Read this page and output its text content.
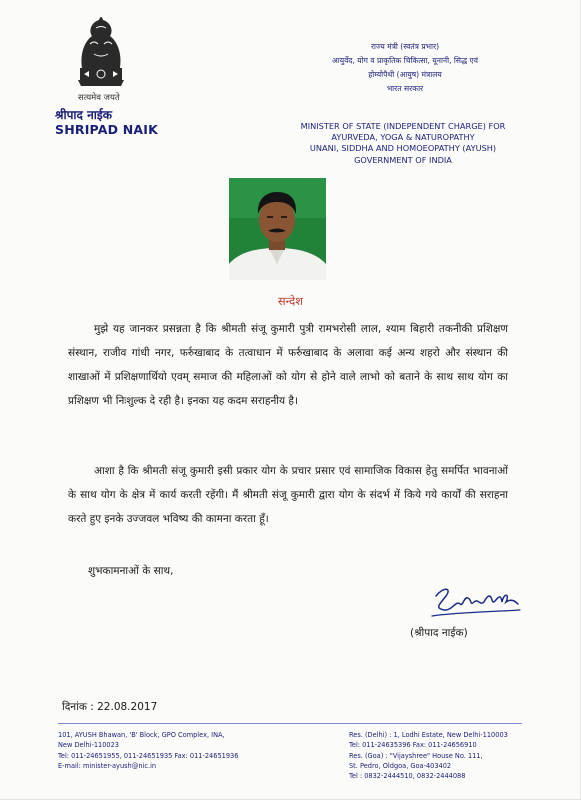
सत्यमेव जयते
श्रीपाद नाईक
SHRIPAD NAIK
राज्य मंत्री (स्वतंत्र प्रभार)
आयुर्वेद, योग व प्राकृतिक चिकित्सा, यूनानी, सिद्ध एवं
होम्योपैथी (आयुष) मंत्रालय
भारत सरकार
MINISTER OF STATE (INDEPENDENT CHARGE) FOR
AYURVEDA, YOGA & NATUROPATHY
UNANI, SIDDHA AND HOMOEOPATHY (AYUSH)
GOVERNMENT OF INDIA
सन्देश
मुझे यह जानकर प्रसन्नता है कि श्रीमती संजू कुमारी पुत्री रामभरोसी लाल, श्याम बिहारी तकनीकी प्रशिक्षण संस्थान, राजीव गांधी नगर, फर्रुखाबाद के तत्वाधान में फर्रुखाबाद के अलावा कई अन्य शहरो और संस्थान की शाखाओं में प्रशिक्षणार्थियो एवम् समाज की महिलाओं को योग से होने वाले लाभो को बताने के साथ साथ योग का प्रशिक्षण भी निःशुल्क दे रही है। इनका यह कदम सराहनीय है।
आशा है कि श्रीमती संजू कुमारी इसी प्रकार योग के प्रचार प्रसार एवं सामाजिक विकास हेतु समर्पित भावनाओं के साथ योग के क्षेत्र में कार्य करती रहेंगी। मैं श्रीमती संजू कुमारी द्वारा योग के संदर्भ में किये गये कार्यों की सराहना करते हुए इनके उज्जवल भविष्य की कामना करता हूँ।
शुभकामनाओं के साथ,
(श्रीपाद नाईक)
दिनांक : 22.08.2017
101, AYUSH Bhawan, 'B' Block, GPO Complex, INA,
New Delhi-110023
Tel: 011-24651955, 011-24651935 Fax: 011-24651936
E-mail: minister-ayush@nic.in
Res. (Delhi) : 1, Lodhi Estate, New Delhi-110003
Tel: 011-24635396 Fax: 011-24656910
Res. (Goa) : "Vijayshree" House No. 111,
St. Pedro, Oldgoa, Goa-403402
Tel : 0832-2444510, 0832-2444088
